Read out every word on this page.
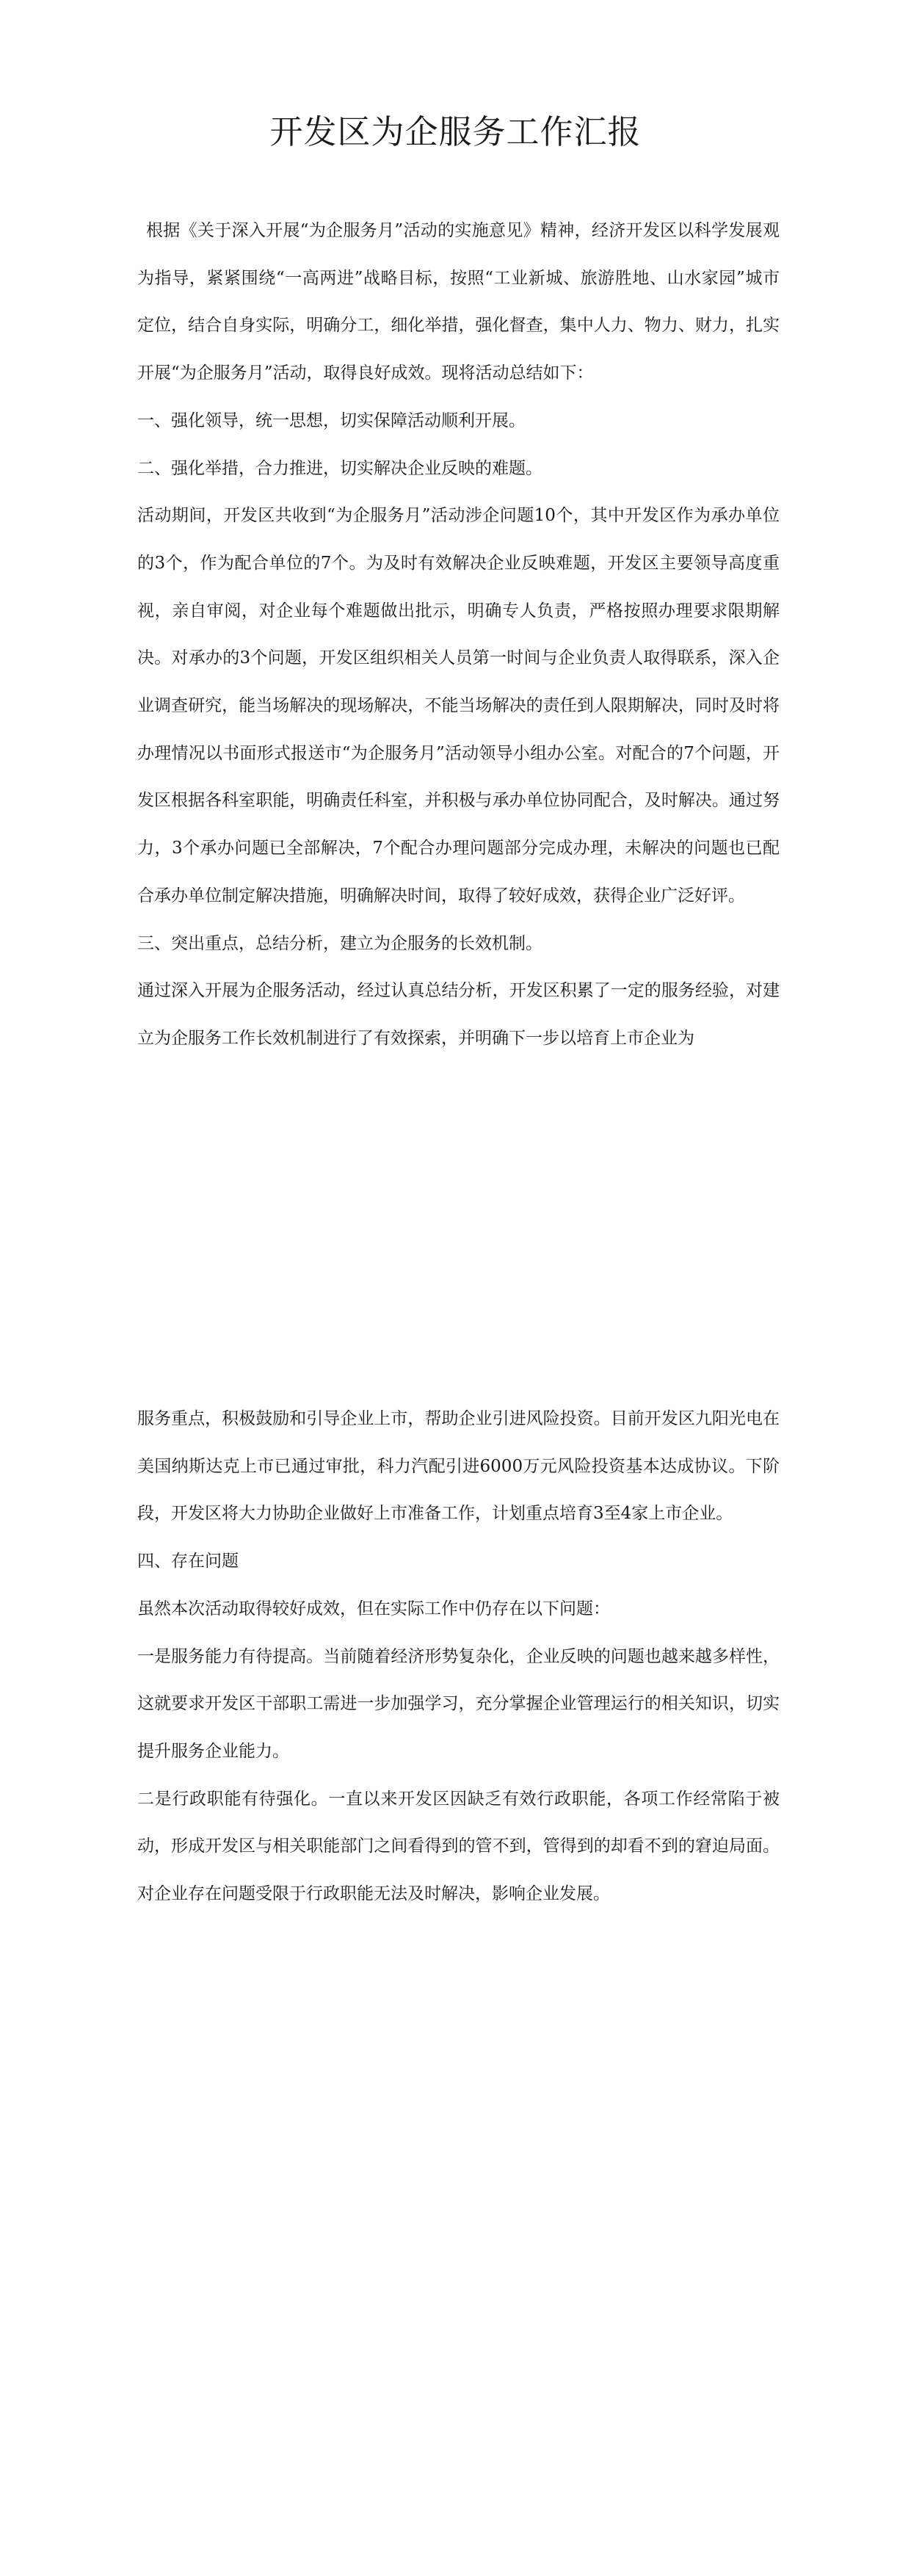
开发区为企服务工作汇报

根据《关于深入开展“为企服务月”活动的实施意见》精神，经济开发区以科学发展观为指导，紧紧围绕“一高两进”战略目标，按照“工业新城、旅游胜地、山水家园”城市定位，结合自身实际，明确分工，细化举措，强化督查，集中人力、物力、财力，扎实开展“为企服务月”活动，取得良好成效。现将活动总结如下：

一、强化领导，统一思想，切实保障活动顺利开展。

二、强化举措，合力推进，切实解决企业反映的难题。

活动期间，开发区共收到“为企服务月”活动涉企问题10个，其中开发区作为承办单位的3个，作为配合单位的7个。为及时有效解决企业反映难题，开发区主要领导高度重视，亲自审阅，对企业每个难题做出批示，明确专人负责，严格按照办理要求限期解决。对承办的3个问题，开发区组织相关人员第一时间与企业负责人取得联系，深入企业调查研究，能当场解决的现场解决，不能当场解决的责任到人限期解决，同时及时将办理情况以书面形式报送市“为企服务月”活动领导小组办公室。对配合的7个问题，开发区根据各科室职能，明确责任科室，并积极与承办单位协同配合，及时解决。通过努力，3个承办问题已全部解决，7个配合办理问题部分完成办理，未解决的问题也已配合承办单位制定解决措施，明确解决时间，取得了较好成效，获得企业广泛好评。

三、突出重点，总结分析，建立为企服务的长效机制。

通过深入开展为企服务活动，经过认真总结分析，开发区积累了一定的服务经验，对建立为企服务工作长效机制进行了有效探索，并明确下一步以培育上市企业为

服务重点，积极鼓励和引导企业上市，帮助企业引进风险投资。目前开发区九阳光电在美国纳斯达克上市已通过审批，科力汽配引进6000万元风险投资基本达成协议。下阶段，开发区将大力协助企业做好上市准备工作，计划重点培育3至4家上市企业。

四、存在问题

虽然本次活动取得较好成效，但在实际工作中仍存在以下问题：

一是服务能力有待提高。当前随着经济形势复杂化，企业反映的问题也越来越多样性，这就要求开发区干部职工需进一步加强学习，充分掌握企业管理运行的相关知识，切实提升服务企业能力。

二是行政职能有待强化。一直以来开发区因缺乏有效行政职能，各项工作经常陷于被动，形成开发区与相关职能部门之间看得到的管不到，管得到的却看不到的窘迫局面。对企业存在问题受限于行政职能无法及时解决，影响企业发展。
